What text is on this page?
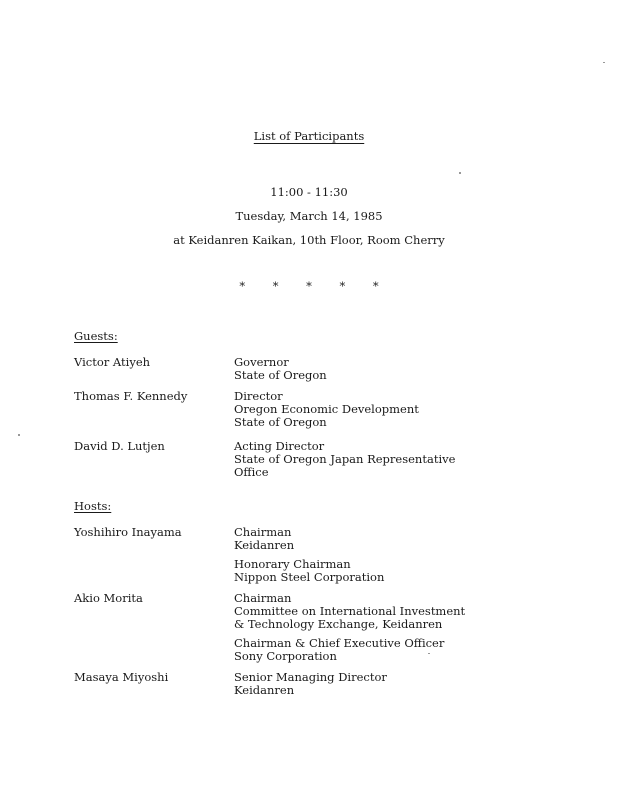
List of Participants
11:00 - 11:30
Tuesday, March 14, 1985
at Keidanren Kaikan, 10th Floor, Room Cherry
* * * * *
Guests:
Victor Atiyeh	Governor
State of Oregon
Thomas F. Kennedy	Director
Oregon Economic Development
State of Oregon
David D. Lutjen	Acting Director
State of Oregon Japan Representative
Office
Hosts:
Yoshihiro Inayama	Chairman
Keidanren
Honorary Chairman
Nippon Steel Corporation
Akio Morita	Chairman
Committee on International Investment
& Technology Exchange, Keidanren
Chairman & Chief Executive Officer
Sony Corporation
Masaya Miyoshi	Senior Managing Director
Keidanren
